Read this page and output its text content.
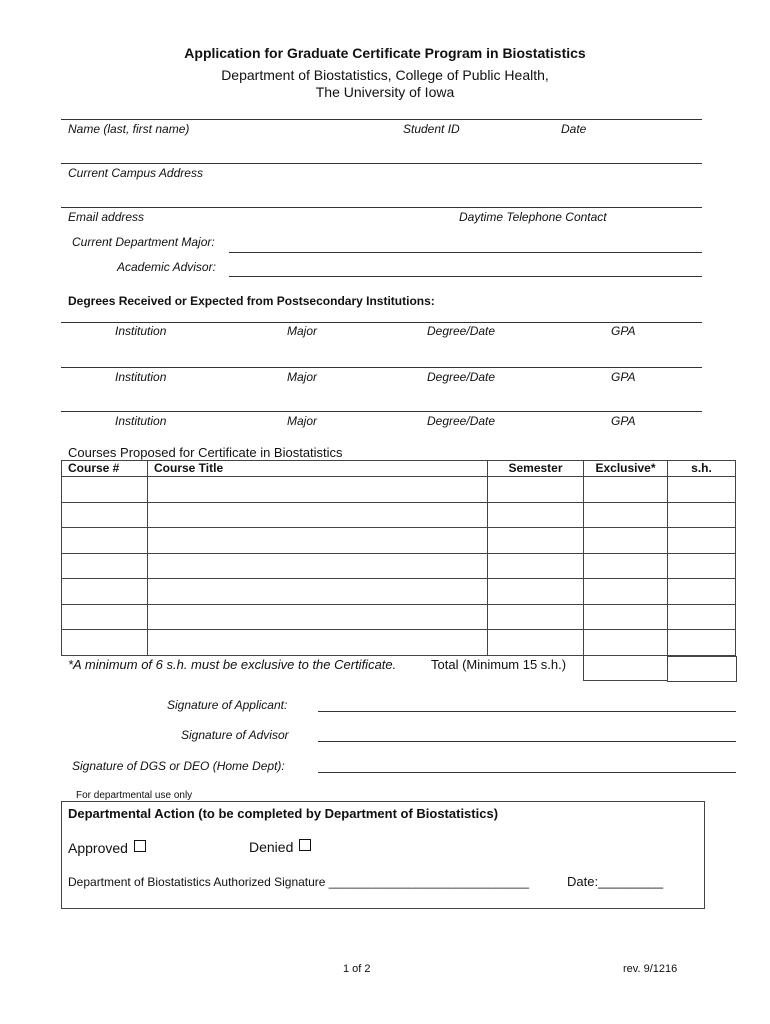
Application for Graduate Certificate Program in Biostatistics
Department of Biostatistics, College of Public Health,
The University of Iowa
Name (last, first name)	Student ID	Date
Current Campus Address
Email address	Daytime Telephone Contact
Current Department Major:
Academic Advisor:
Degrees Received or Expected from Postsecondary Institutions:
Institution	Major	Degree/Date	GPA
Institution	Major	Degree/Date	GPA
Institution	Major	Degree/Date	GPA
Courses Proposed for Certificate in Biostatistics
Course #	Course Title	Semester	Exclusive*	s.h.

*A minimum of 6 s.h. must be exclusive to the Certificate.	Total (Minimum 15 s.h.)
Signature of Applicant:
Signature of Advisor
Signature of DGS or DEO (Home Dept):
For departmental use only
Departmental Action (to be completed by Department of Biostatistics)
Approved	Denied
Department of Biostatistics Authorized Signature ______________________________	Date:_________
1 of 2	rev. 9/1216
